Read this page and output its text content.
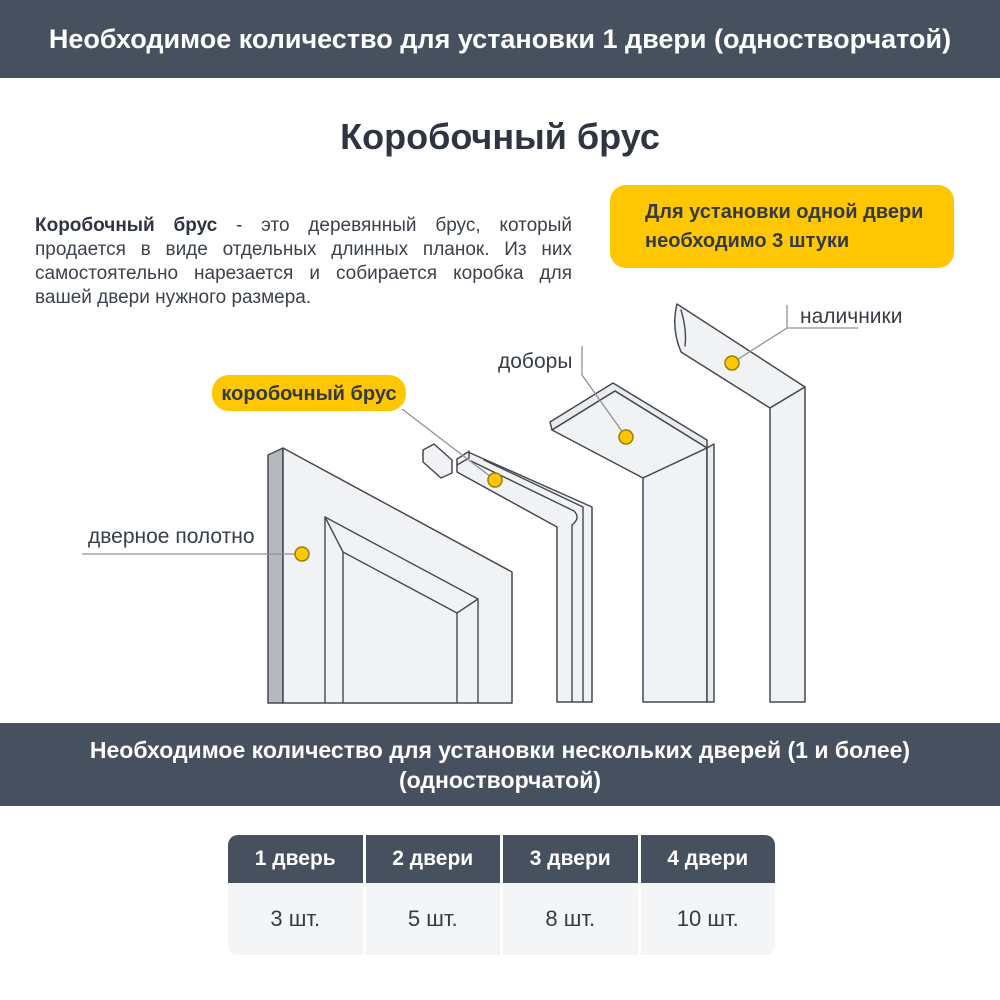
Необходимое количество для установки 1 двери (одностворчатой)
Коробочный брус

Коробочный брус - это деревянный брус, который продается в виде отдельных длинных планок. Из них самостоятельно нарезается и собирается коробка для вашей двери нужного размера.

Для установки одной двери
необходимо 3 штуки
дверное полотно
коробочный брус
доборы
наличники
Необходимое количество для установки нескольких дверей (1 и более)
(одностворчатой)
1 дверь	2 двери	3 двери	4 двери
3 шт.	5 шт.	8 шт.	10 шт.
